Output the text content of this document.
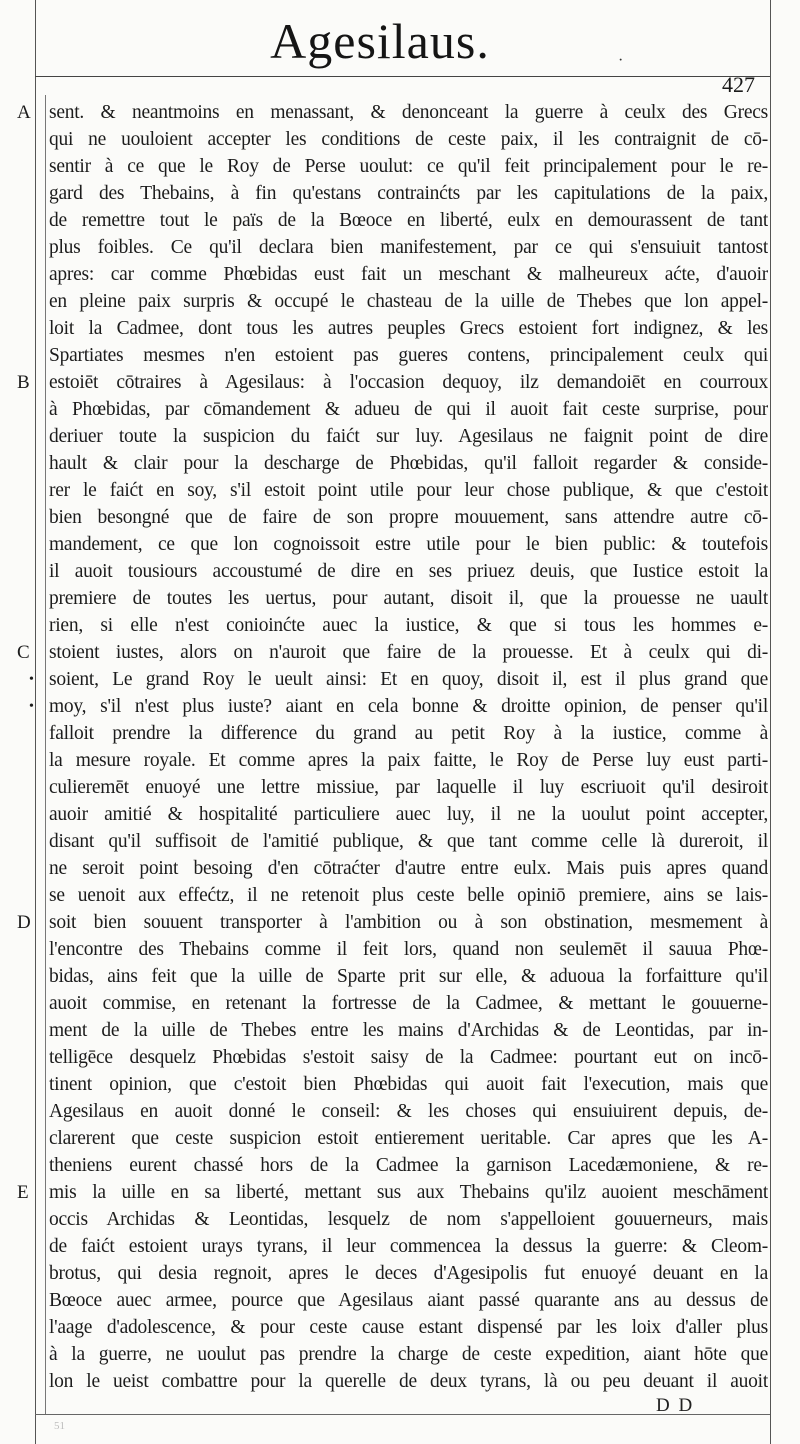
Agesilaus.	·
427
A
B
C
D
E
•
•
sent. & neantmoins en menassant, & denonceant la guerre à ceulx des Grecs
qui ne uouloient accepter les conditions de ceste paix, il les contraignit de cō-
sentir à ce que le Roy de Perse uoulut: ce qu'il feit principalement pour le re-
gard des Thebains, à fin qu'estans contrainćts par les capitulations de la paix,
de remettre tout le païs de la Bœoce en liberté, eulx en demourassent de tant
plus foibles. Ce qu'il declara bien manifestement, par ce qui s'ensuiuit tantost
apres: car comme Phœbidas eust fait un meschant & malheureux aćte, d'auoir
en pleine paix surpris & occupé le chasteau de la uille de Thebes que lon appel-
loit la Cadmee, dont tous les autres peuples Grecs estoient fort indignez, & les
Spartiates mesmes n'en estoient pas gueres contens, principalement ceulx qui
estoiēt cōtraires à Agesilaus: à l'occasion dequoy, ilz demandoiēt en courroux
à Phœbidas, par cōmandement & adueu de qui il auoit fait ceste surprise, pour
deriuer toute la suspicion du faićt sur luy. Agesilaus ne faignit point de dire
hault & clair pour la descharge de Phœbidas, qu'il falloit regarder & conside-
rer le faićt en soy, s'il estoit point utile pour leur chose publique, & que c'estoit
bien besongné que de faire de son propre mouuement, sans attendre autre cō-
mandement, ce que lon cognoissoit estre utile pour le bien public: & toutefois
il auoit tousiours accoustumé de dire en ses priuez deuis, que Iustice estoit la
premiere de toutes les uertus, pour autant, disoit il, que la prouesse ne uault
rien, si elle n'est conioinćte auec la iustice, & que si tous les hommes e-
stoient iustes, alors on n'auroit que faire de la prouesse. Et à ceulx qui di-
soient, Le grand Roy le ueult ainsi: Et en quoy, disoit il, est il plus grand que
moy, s'il n'est plus iuste? aiant en cela bonne & droitte opinion, de penser qu'il
falloit prendre la difference du grand au petit Roy à la iustice, comme à
la mesure royale. Et comme apres la paix faitte, le Roy de Perse luy eust parti-
culieremēt enuoyé une lettre missiue, par laquelle il luy escriuoit qu'il desiroit
auoir amitié & hospitalité particuliere auec luy, il ne la uoulut point accepter,
disant qu'il suffisoit de l'amitié publique, & que tant comme celle là dureroit, il
ne seroit point besoing d'en cōtraćter d'autre entre eulx. Mais puis apres quand
se uenoit aux effećtz, il ne retenoit plus ceste belle opiniō premiere, ains se lais-
soit bien souuent transporter à l'ambition ou à son obstination, mesmement à
l'encontre des Thebains comme il feit lors, quand non seulemēt il sauua Phœ-
bidas, ains feit que la uille de Sparte prit sur elle, & aduoua la forfaitture qu'il
auoit commise, en retenant la fortresse de la Cadmee, & mettant le gouuerne-
ment de la uille de Thebes entre les mains d'Archidas & de Leontidas, par in-
telligēce desquelz Phœbidas s'estoit saisy de la Cadmee: pourtant eut on incō-
tinent opinion, que c'estoit bien Phœbidas qui auoit fait l'execution, mais que
Agesilaus en auoit donné le conseil: & les choses qui ensuiuirent depuis, de-
clarerent que ceste suspicion estoit entierement ueritable. Car apres que les A-
theniens eurent chassé hors de la Cadmee la garnison Lacedæmoniene, & re-
mis la uille en sa liberté, mettant sus aux Thebains qu'ilz auoient meschāment
occis Archidas & Leontidas, lesquelz de nom s'appelloient gouuerneurs, mais
de faićt estoient urays tyrans, il leur commencea la dessus la guerre: & Cleom-
brotus, qui desia regnoit, apres le deces d'Agesipolis fut enuoyé deuant en la
Bœoce auec armee, pource que Agesilaus aiant passé quarante ans au dessus de
l'aage d'adolescence, & pour ceste cause estant dispensé par les loix d'aller plus
à la guerre, ne uoulut pas prendre la charge de ceste expedition, aiant hōte que
lon le ueist combattre pour la querelle de deux tyrans, là ou peu deuant il auoit
D D
51
